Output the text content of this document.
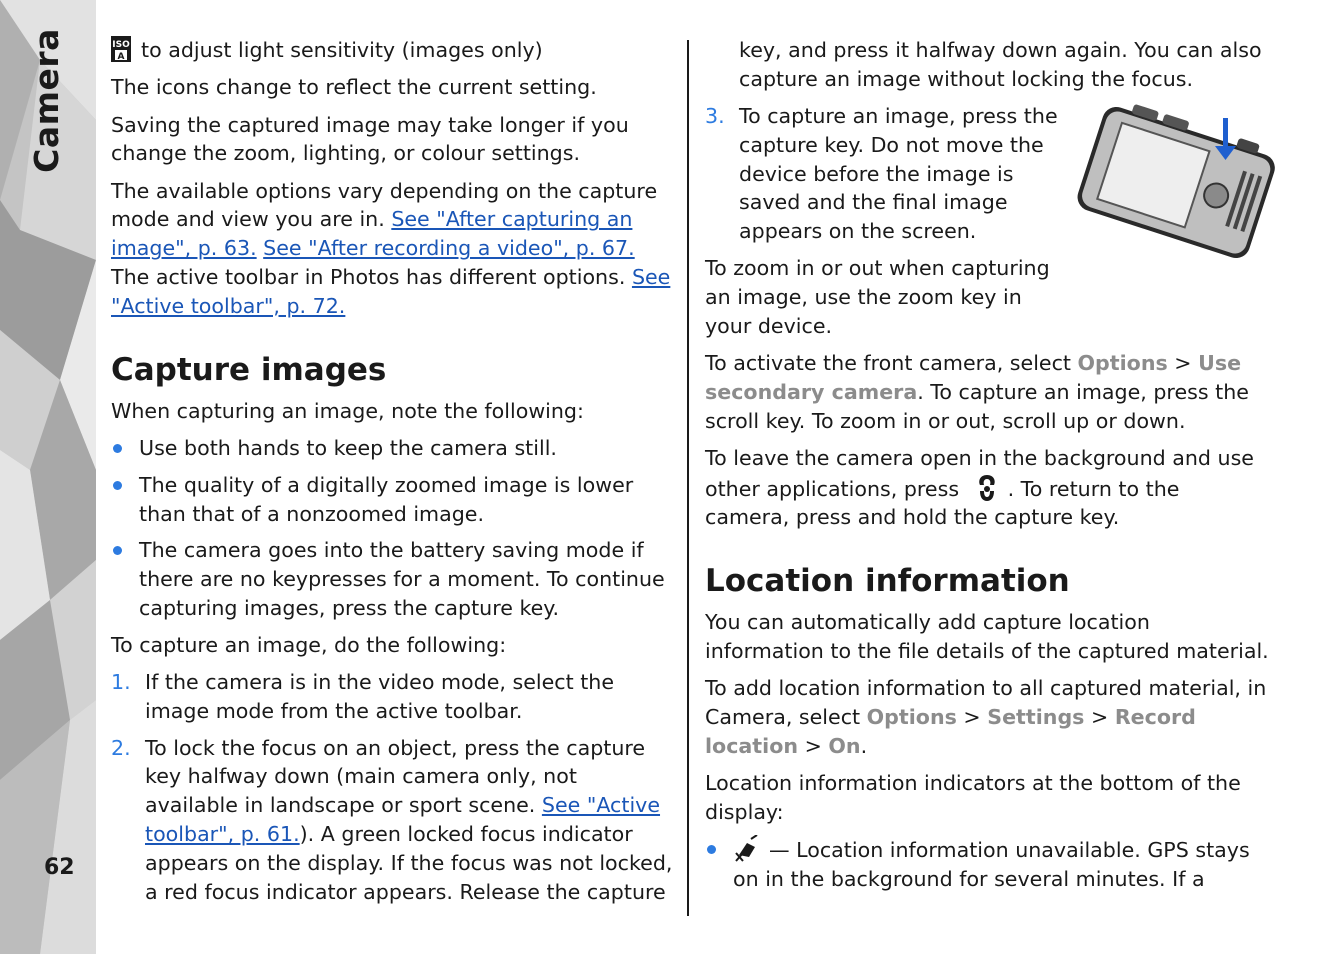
Camera
62

ISO
A to adjust light sensitivity (images only)

The icons change to reflect the current setting.

Saving the captured image may take longer if you change the zoom, lighting, or colour settings.

The available options vary depending on the capture mode and view you are in. See "After capturing an image", p. 63. See "After recording a video", p. 67. The active toolbar in Photos has different options. See "Active toolbar", p. 72.

Capture images

When capturing an image, note the following:

Use both hands to keep the camera still.
The quality of a digitally zoomed image is lower than that of a nonzoomed image.
The camera goes into the battery saving mode if there are no keypresses for a moment. To continue capturing images, press the capture key.

To capture an image, do the following:

1. If the camera is in the video mode, select the image mode from the active toolbar.
2. To lock the focus on an object, press the capture key halfway down (main camera only, not available in landscape or sport scene. See "Active toolbar", p. 61.). A green locked focus indicator appears on the display. If the focus was not locked, a red focus indicator appears. Release the capture

key, and press it halfway down again. You can also capture an image without locking the focus.

3. To capture an image, press the capture key. Do not move the device before the image is saved and the final image appears on the screen.

To zoom in or out when capturing an image, use the zoom key in your device.

To activate the front camera, select Options > Use secondary camera. To capture an image, press the scroll key. To zoom in or out, scroll up or down.

To leave the camera open in the background and use other applications, press . To return to the camera, press and hold the capture key.

Location information

You can automatically add capture location information to the file details of the captured material.

To add location information to all captured material, in Camera, select Options > Settings > Record location > On.

Location information indicators at the bottom of the display:

— Location information unavailable. GPS stays on in the background for several minutes. If a
